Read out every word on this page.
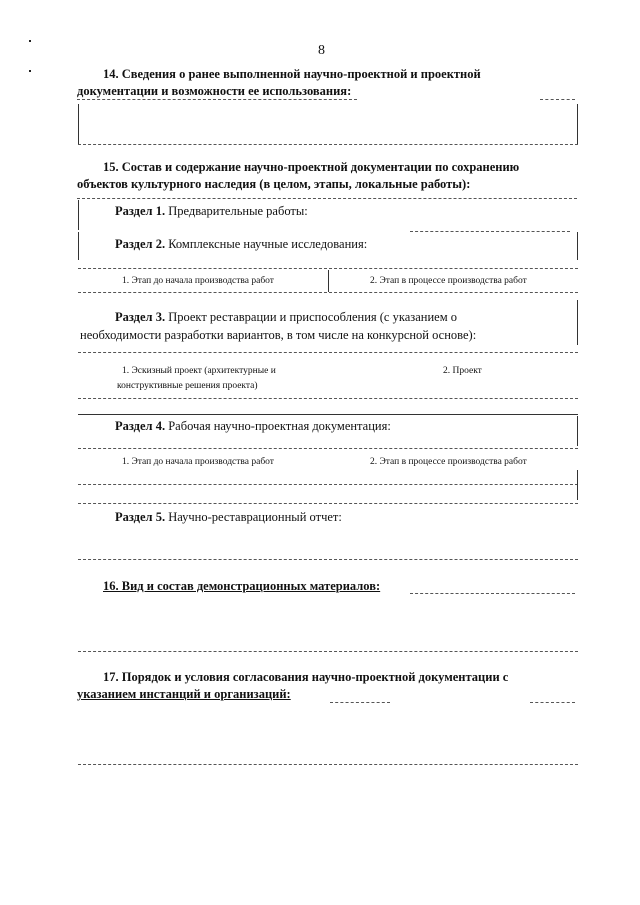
8
14. Сведения о ранее выполненной научно-проектной и проектной
документации и возможности ее использования:
15. Состав и содержание научно-проектной документации по сохранению
объектов культурного наследия (в целом, этапы, локальные работы):
Раздел 1. Предварительные работы:
Раздел 2. Комплексные научные исследования:
1. Этап до начала производства работ	2. Этап в процессе производства работ
Раздел 3. Проект реставрации и приспособления (с указанием о
необходимости разработки вариантов, в том числе на конкурсной основе):
1. Эскизный проект (архитектурные и
конструктивные решения проекта)
2. Проект
Раздел 4. Рабочая научно-проектная документация:
1. Этап до начала производства работ	2. Этап в процессе производства работ
Раздел 5. Научно-реставрационный отчет:
16. Вид и состав демонстрационных материалов:
17. Порядок и условия согласования научно-проектной документации с
указанием инстанций и организаций:
